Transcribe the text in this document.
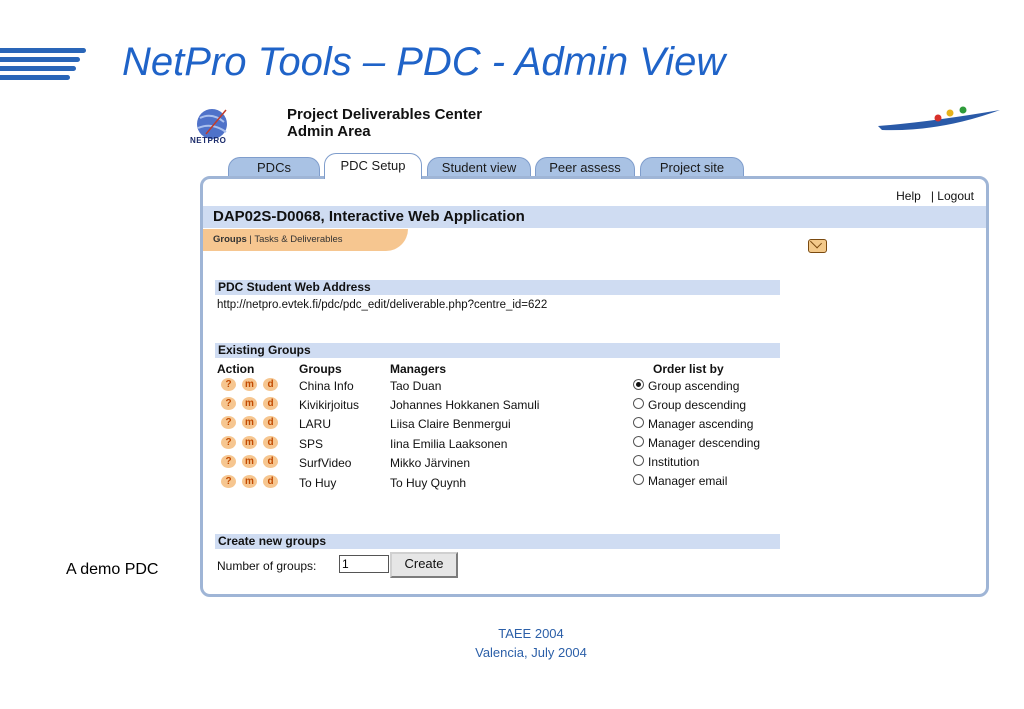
NetPro Tools – PDC - Admin View
A demo PDC
TAEE 2004
Valencia, July 2004
NETPRO
Project Deliverables Center
Admin Area
PDCs	PDC Setup	Student view	Peer assess	Project site
Help | Logout
DAP02S-D0068, Interactive Web Application
Groups | Tasks & Deliverables
PDC Student Web Address
http://netpro.evtek.fi/pdc/pdc_edit/deliverable.php?centre_id=622
Existing Groups
Action	Groups	Managers
?	m	d	China Info	Tao Duan
?	m	d	Kivikirjoitus	Johannes Hokkanen Samuli
?	m	d	LARU	Liisa Claire Benmergui
?	m	d	SPS	Iina Emilia Laaksonen
?	m	d	SurfVideo	Mikko Järvinen
?	m	d	To Huy	To Huy Quynh
Order list by
Group ascending
Group descending
Manager ascending
Manager descending
Institution
Manager email
Create new groups
Number of groups:
1	Create
